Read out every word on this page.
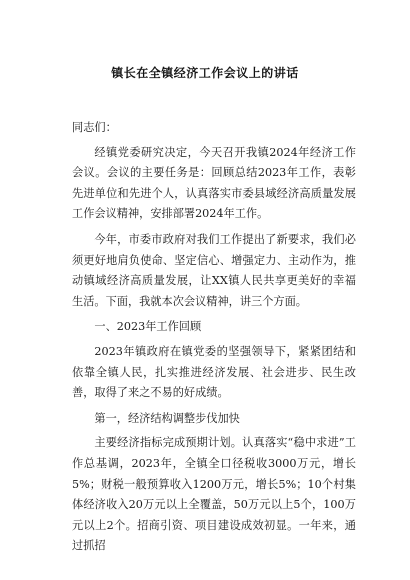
镇长在全镇经济工作会议上的讲话

同志们：

经镇党委研究决定，今天召开我镇2024年经济工作会议。会议的主要任务是：回顾总结2023年工作，表彰先进单位和先进个人，认真落实市委县域经济高质量发展工作会议精神，安排部署2024年工作。

今年，市委市政府对我们工作提出了新要求，我们必须更好地肩负使命、坚定信心、增强定力、主动作为，推动镇域经济高质量发展，让XX镇人民共享更美好的幸福生活。下面，我就本次会议精神，讲三个方面。

一、2023年工作回顾

2023年镇政府在镇党委的坚强领导下，紧紧团结和依靠全镇人民，扎实推进经济发展、社会进步、民生改善，取得了来之不易的好成绩。

第一，经济结构调整步伐加快

主要经济指标完成预期计划。认真落实“稳中求进”工作总基调，2023年，全镇全口径税收3000万元，增长5%；财税一般预算收入1200万元，增长5%；10个村集体经济收入20万元以上全覆盖，50万元以上5个，100万元以上2个。招商引资、项目建设成效初显。一年来，通过抓招
